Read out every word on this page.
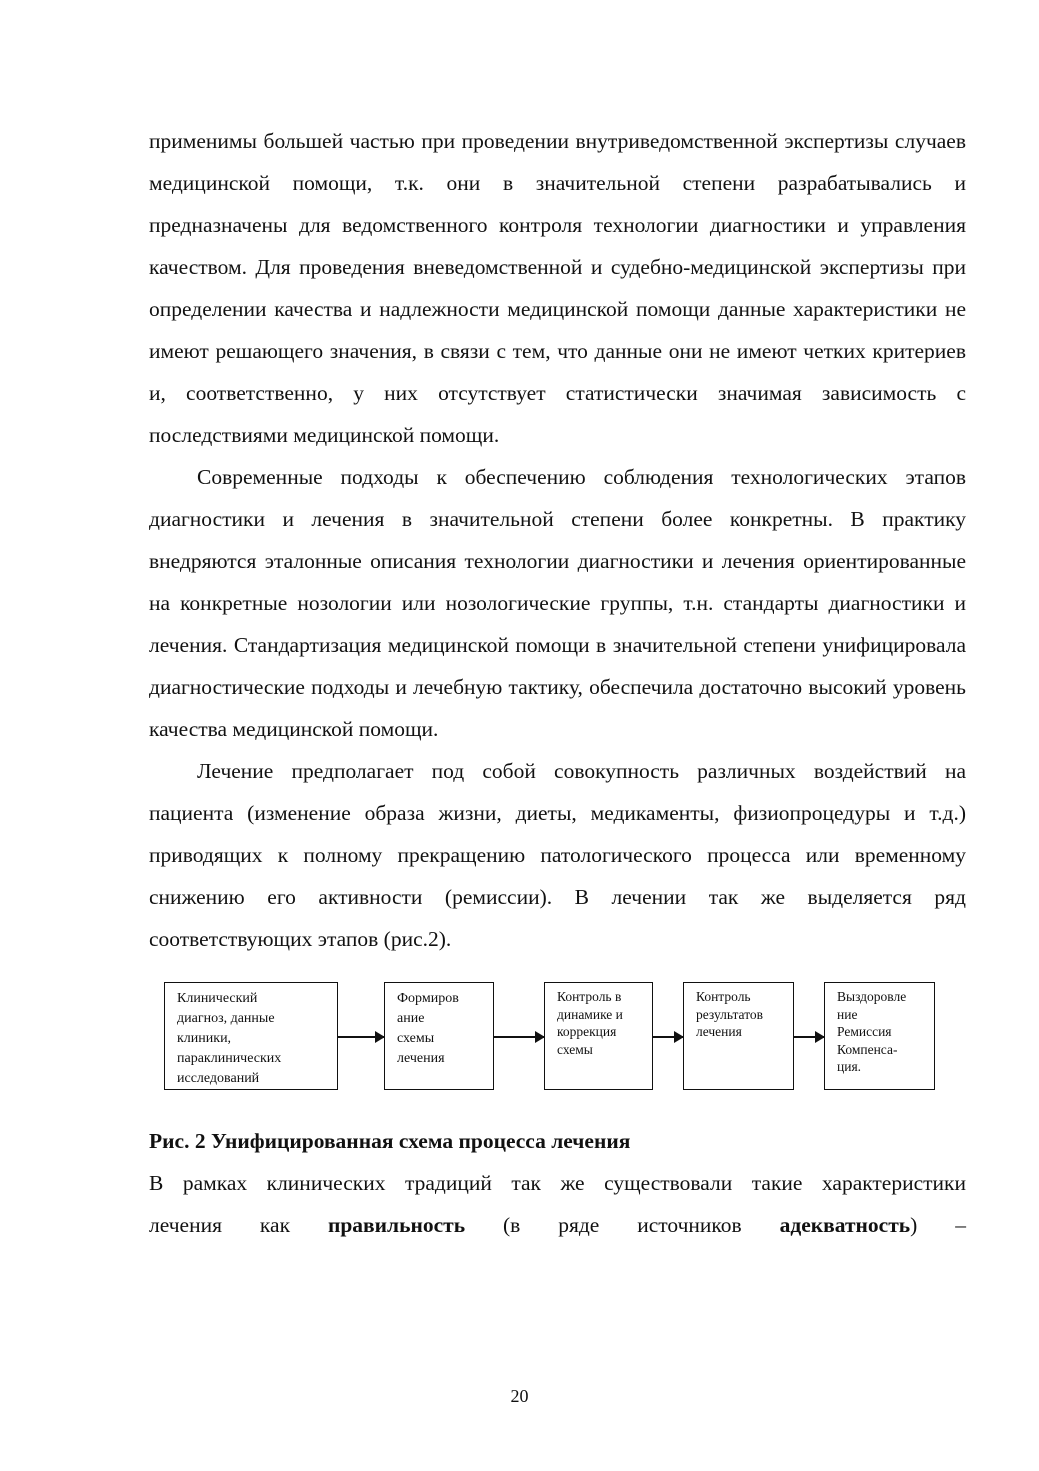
применимы большей частью при проведении внутриведомственной экспертизы случаев медицинской помощи, т.к. они в значительной степени разрабатывались и предназначены для ведомственного контроля технологии диагностики и управления качеством. Для проведения вневедомственной и судебно-медицинской экспертизы при определении качества и надлежности медицинской помощи данные характеристики не имеют решающего значения, в связи с тем, что данные они не имеют четких критериев и, соответственно, у них отсутствует статистически значимая зависимость с последствиями медицинской помощи.

Современные подходы к обеспечению соблюдения технологических этапов диагностики и лечения в значительной степени более конкретны. В практику внедряются эталонные описания технологии диагностики и лечения ориентированные на конкретные нозологии или нозологические группы, т.н. стандарты диагностики и лечения. Стандартизация медицинской помощи в значительной степени унифицировала диагностические подходы и лечебную тактику, обеспечила достаточно высокий уровень качества медицинской помощи.

Лечение предполагает под собой совокупность различных воздействий на пациента (изменение образа жизни, диеты, медикаменты, физиопроцедуры и т.д.) приводящих к полному прекращению патологического процесса или временному снижению его активности (ремиссии). В лечении так же выделяется ряд соответствующих этапов (рис.2).

Клинический
диагноз, данные
клиники,
параклинических
исследований
Формиров
ание
схемы
лечения
Контроль в
динамике и
коррекция
схемы
Контроль
результатов
лечения
Выздоровле
ние
Ремиссия
Компенса-
ция.

Рис. 2 Унифицированная схема процесса лечения

В рамках клинических традиций так же существовали такие характеристики

лечения как правильность (в ряде источников адекватность) –

20
